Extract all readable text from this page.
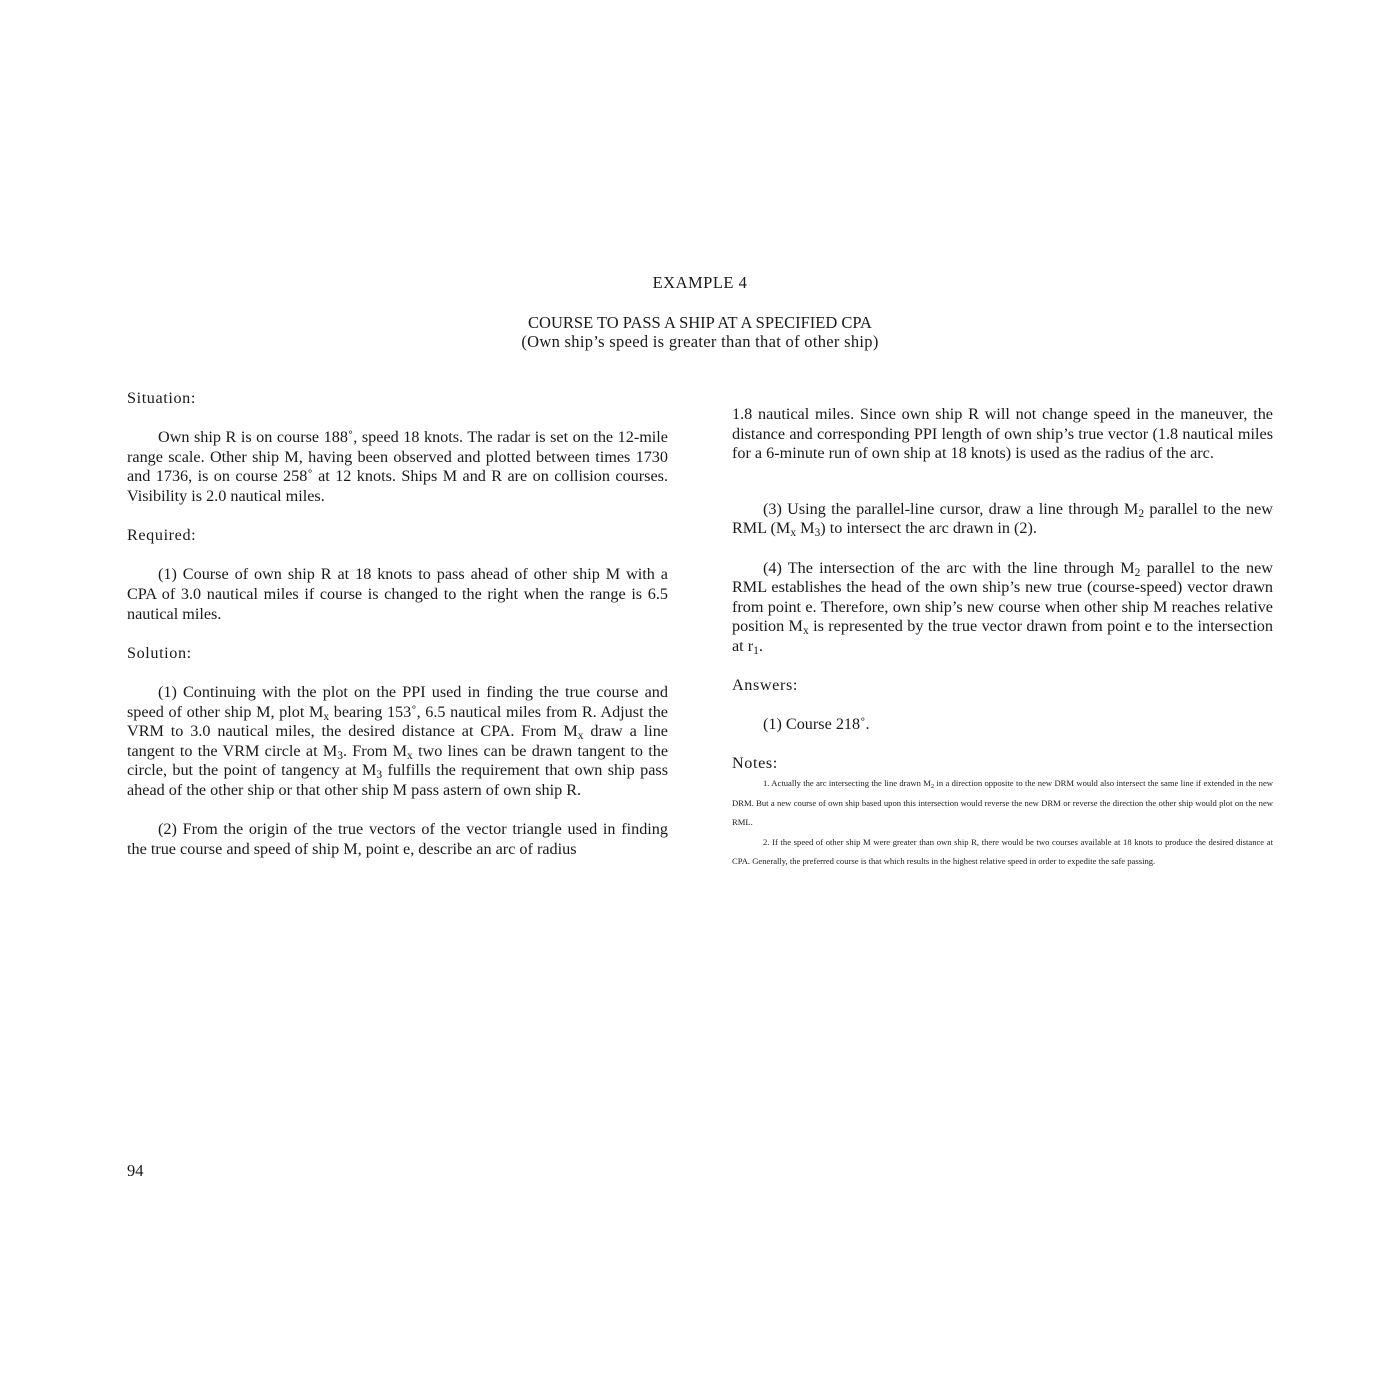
EXAMPLE 4
COURSE TO PASS A SHIP AT A SPECIFIED CPA
(Own ship’s speed is greater than that of other ship)

Situation:

Own ship R is on course 188˚, speed 18 knots. The radar is set on the 12-mile range scale. Other ship M, having been observed and plotted between times 1730 and 1736, is on course 258˚ at 12 knots. Ships M and R are on collision courses. Visibility is 2.0 nautical miles.

Required:

(1) Course of own ship R at 18 knots to pass ahead of other ship M with a CPA of 3.0 nautical miles if course is changed to the right when the range is 6.5 nautical miles.

Solution:

(1) Continuing with the plot on the PPI used in finding the true course and speed of other ship M, plot $M_x$ bearing 153˚, 6.5 nautical miles from R. Adjust the VRM to 3.0 nautical miles, the desired distance at CPA. From $M_x$ draw a line tangent to the VRM circle at $M_3$. From $M_x$ two lines can be drawn tangent to the circle, but the point of tangency at $M_3$ fulfills the requirement that own ship pass ahead of the other ship or that other ship M pass astern of own ship R.

(2) From the origin of the true vectors of the vector triangle used in finding the true course and speed of ship M, point e, describe an arc of radius

1.8 nautical miles. Since own ship R will not change speed in the maneuver, the distance and corresponding PPI length of own ship’s true vector (1.8 nautical miles for a 6-minute run of own ship at 18 knots) is used as the radius of the arc.

(3) Using the parallel-line cursor, draw a line through $M_2$ parallel to the new RML ($M_x$ $M_3$) to intersect the arc drawn in (2).

(4) The intersection of the arc with the line through $M_2$ parallel to the new RML establishes the head of the own ship’s new true (course-speed) vector drawn from point e. Therefore, own ship’s new course when other ship M reaches relative position $M_x$ is represented by the true vector drawn from point e to the intersection at $r_1$.

Answers:

(1) Course 218˚.

Notes:

1. Actually the arc intersecting the line drawn $M_2$ in a direction opposite to the new DRM would also intersect the same line if extended in the new DRM. But a new course of own ship based upon this intersection would reverse the new DRM or reverse the direction the other ship would plot on the new RML.

2. If the speed of other ship M were greater than own ship R, there would be two courses available at 18 knots to produce the desired distance at CPA. Generally, the preferred course is that which results in the highest relative speed in order to expedite the safe passing.

94
